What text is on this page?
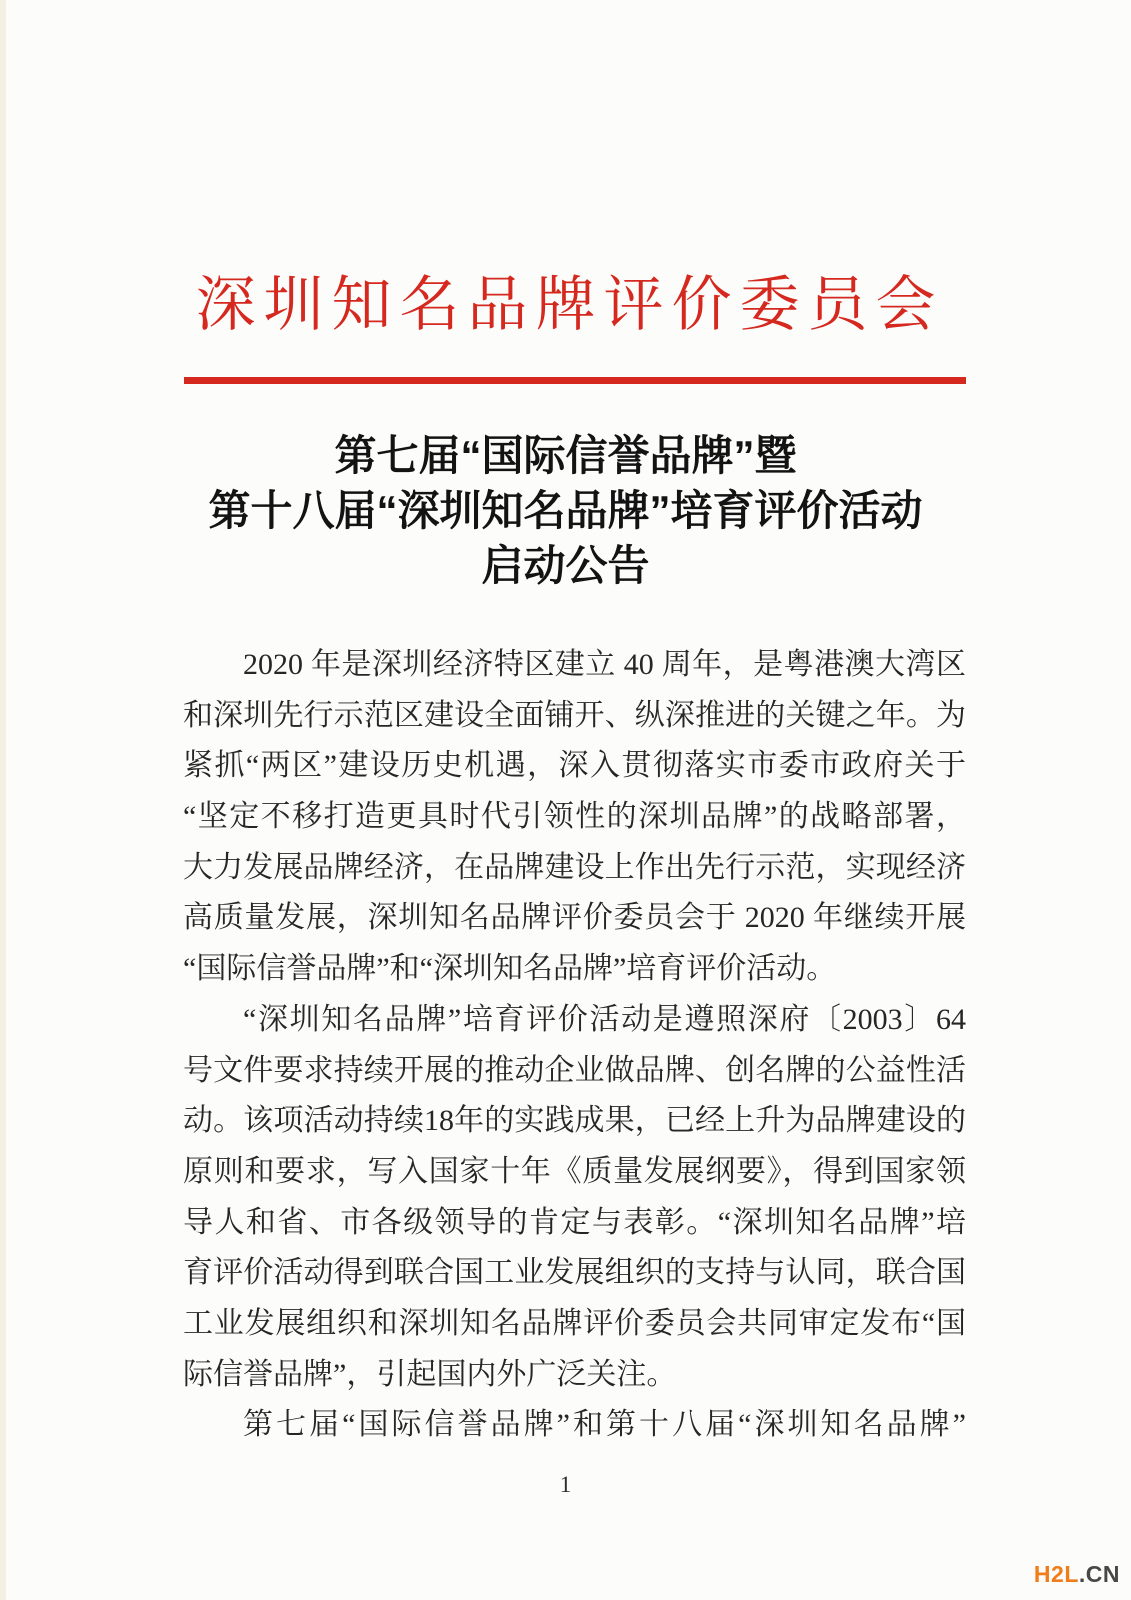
深圳知名品牌评价委员会
第七届“国际信誉品牌”暨
第十八届“深圳知名品牌”培育评价活动
启动公告
2020 年是深圳经济特区建立 40 周年，是粤港澳大湾区
和深圳先行示范区建设全面铺开、纵深推进的关键之年。为
紧抓“两区”建设历史机遇，深入贯彻落实市委市政府关于
“坚定不移打造更具时代引领性的深圳品牌”的战略部署，
大力发展品牌经济，在品牌建设上作出先行示范，实现经济
高质量发展，深圳知名品牌评价委员会于 2020 年继续开展
“国际信誉品牌”和“深圳知名品牌”培育评价活动。
“深圳知名品牌”培育评价活动是遵照深府〔2003〕64
号文件要求持续开展的推动企业做品牌、创名牌的公益性活
动。该项活动持续18年的实践成果，已经上升为品牌建设的
原则和要求，写入国家十年《质量发展纲要》，得到国家领
导人和省、市各级领导的肯定与表彰。“深圳知名品牌”培
育评价活动得到联合国工业发展组织的支持与认同，联合国
工业发展组织和深圳知名品牌评价委员会共同审定发布“国
际信誉品牌”，引起国内外广泛关注。
第七届“国际信誉品牌”和第十八届“深圳知名品牌”
1
H2L.CN
